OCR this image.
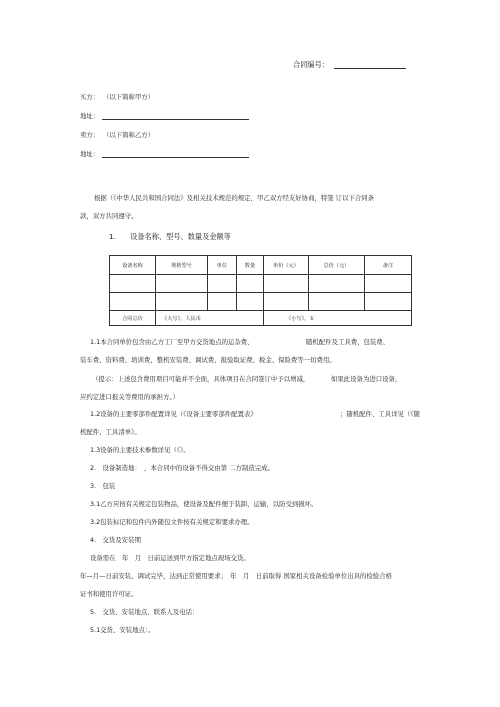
合同编号：
买方： （以下简称甲方）
地址：
卖方： （以下简称乙方）
地址：
根据（《中华人民共和国合同法》及相关技术规范的规定，甲乙双方经友好协商，特签 订以下合同条
款，双方共同遵守。
1.　　设备名称、型号、数量及金额等
设备名称	规格型号	单位	数量	单价（元）	总价（元）	备注

合同总价	《大写》，人民币			《小写》，￥		
1.1本合同单价包含由乙方工厂至甲方交货地点的运杂费、	随机配件及工具费、包装费、
装车费、资料费、培训费、整机安装费、调试费、报验取证费、税金、保险费等一切费用。
（提示：上述包含费用项目可能并不全面，具体项目在合同签订中予以增减，	如果此设备为进口设备，
应约定进口报关等费用的承担方。）
1.2设备的主要零部件配置详见（《设备主要零部件配置表》	；随机配件、工具详见（《随
机配件、工具清单》。
1.3设备的主要技术参数详见（《》。
2.　设备制造地：　，本合同中的设备不得交由第 二方制造完成。
3.　包装
3.1乙方应按有关规定包装物品，使设备及配件便于装卸、运输，以防受到损坏。
3.2包装标记和包件内外随包文件按有关规定和要求办理。
4.　交货及安装期
设备需在　年　月　日前运送到甲方指定地点现场交货。
年—月—日前安装、调试完毕，达到正常使用要求；　年　月　日前取得 国家相关设备检验单位出具的检验合格
证书和使用许可证。
5.　交货、安装地点、联系人及电话：
5.1交货、安装地点：。
